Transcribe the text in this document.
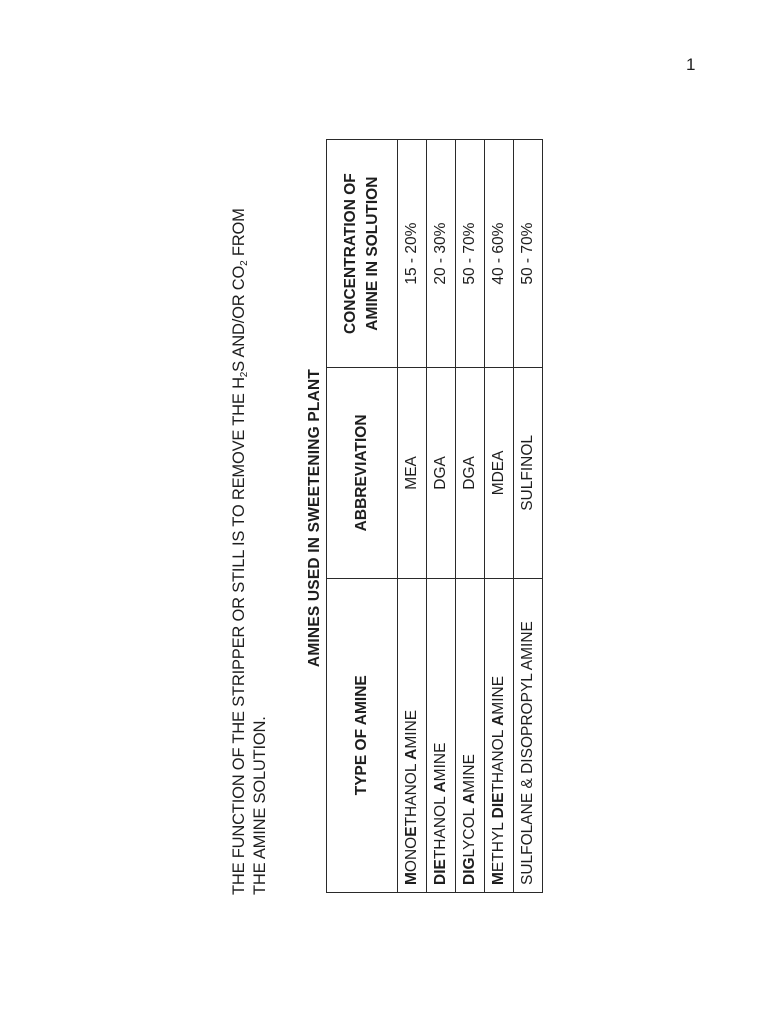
1
THE FUNCTION OF THE STRIPPER OR STILL IS TO REMOVE THE $H_2S$ AND/OR $CO_2$ FROM
THE AMINE SOLUTION.
AMINES USED IN SWEETENING PLANT
TYPE OF AMINE	ABBREVIATION	CONCENTRATION OF AMINE IN SOLUTION
MONOETHANOL AMINE	MEA	15 - 20%
DIETHANOL AMINE	DGA	20 - 30%
DIGLYCOL AMINE	DGA	50 - 70%
METHYL DIETHANOL AMINE	MDEA	40 - 60%
SULFOLANE & DISOPROPYL AMINE	SULFINOL	50 - 70%
